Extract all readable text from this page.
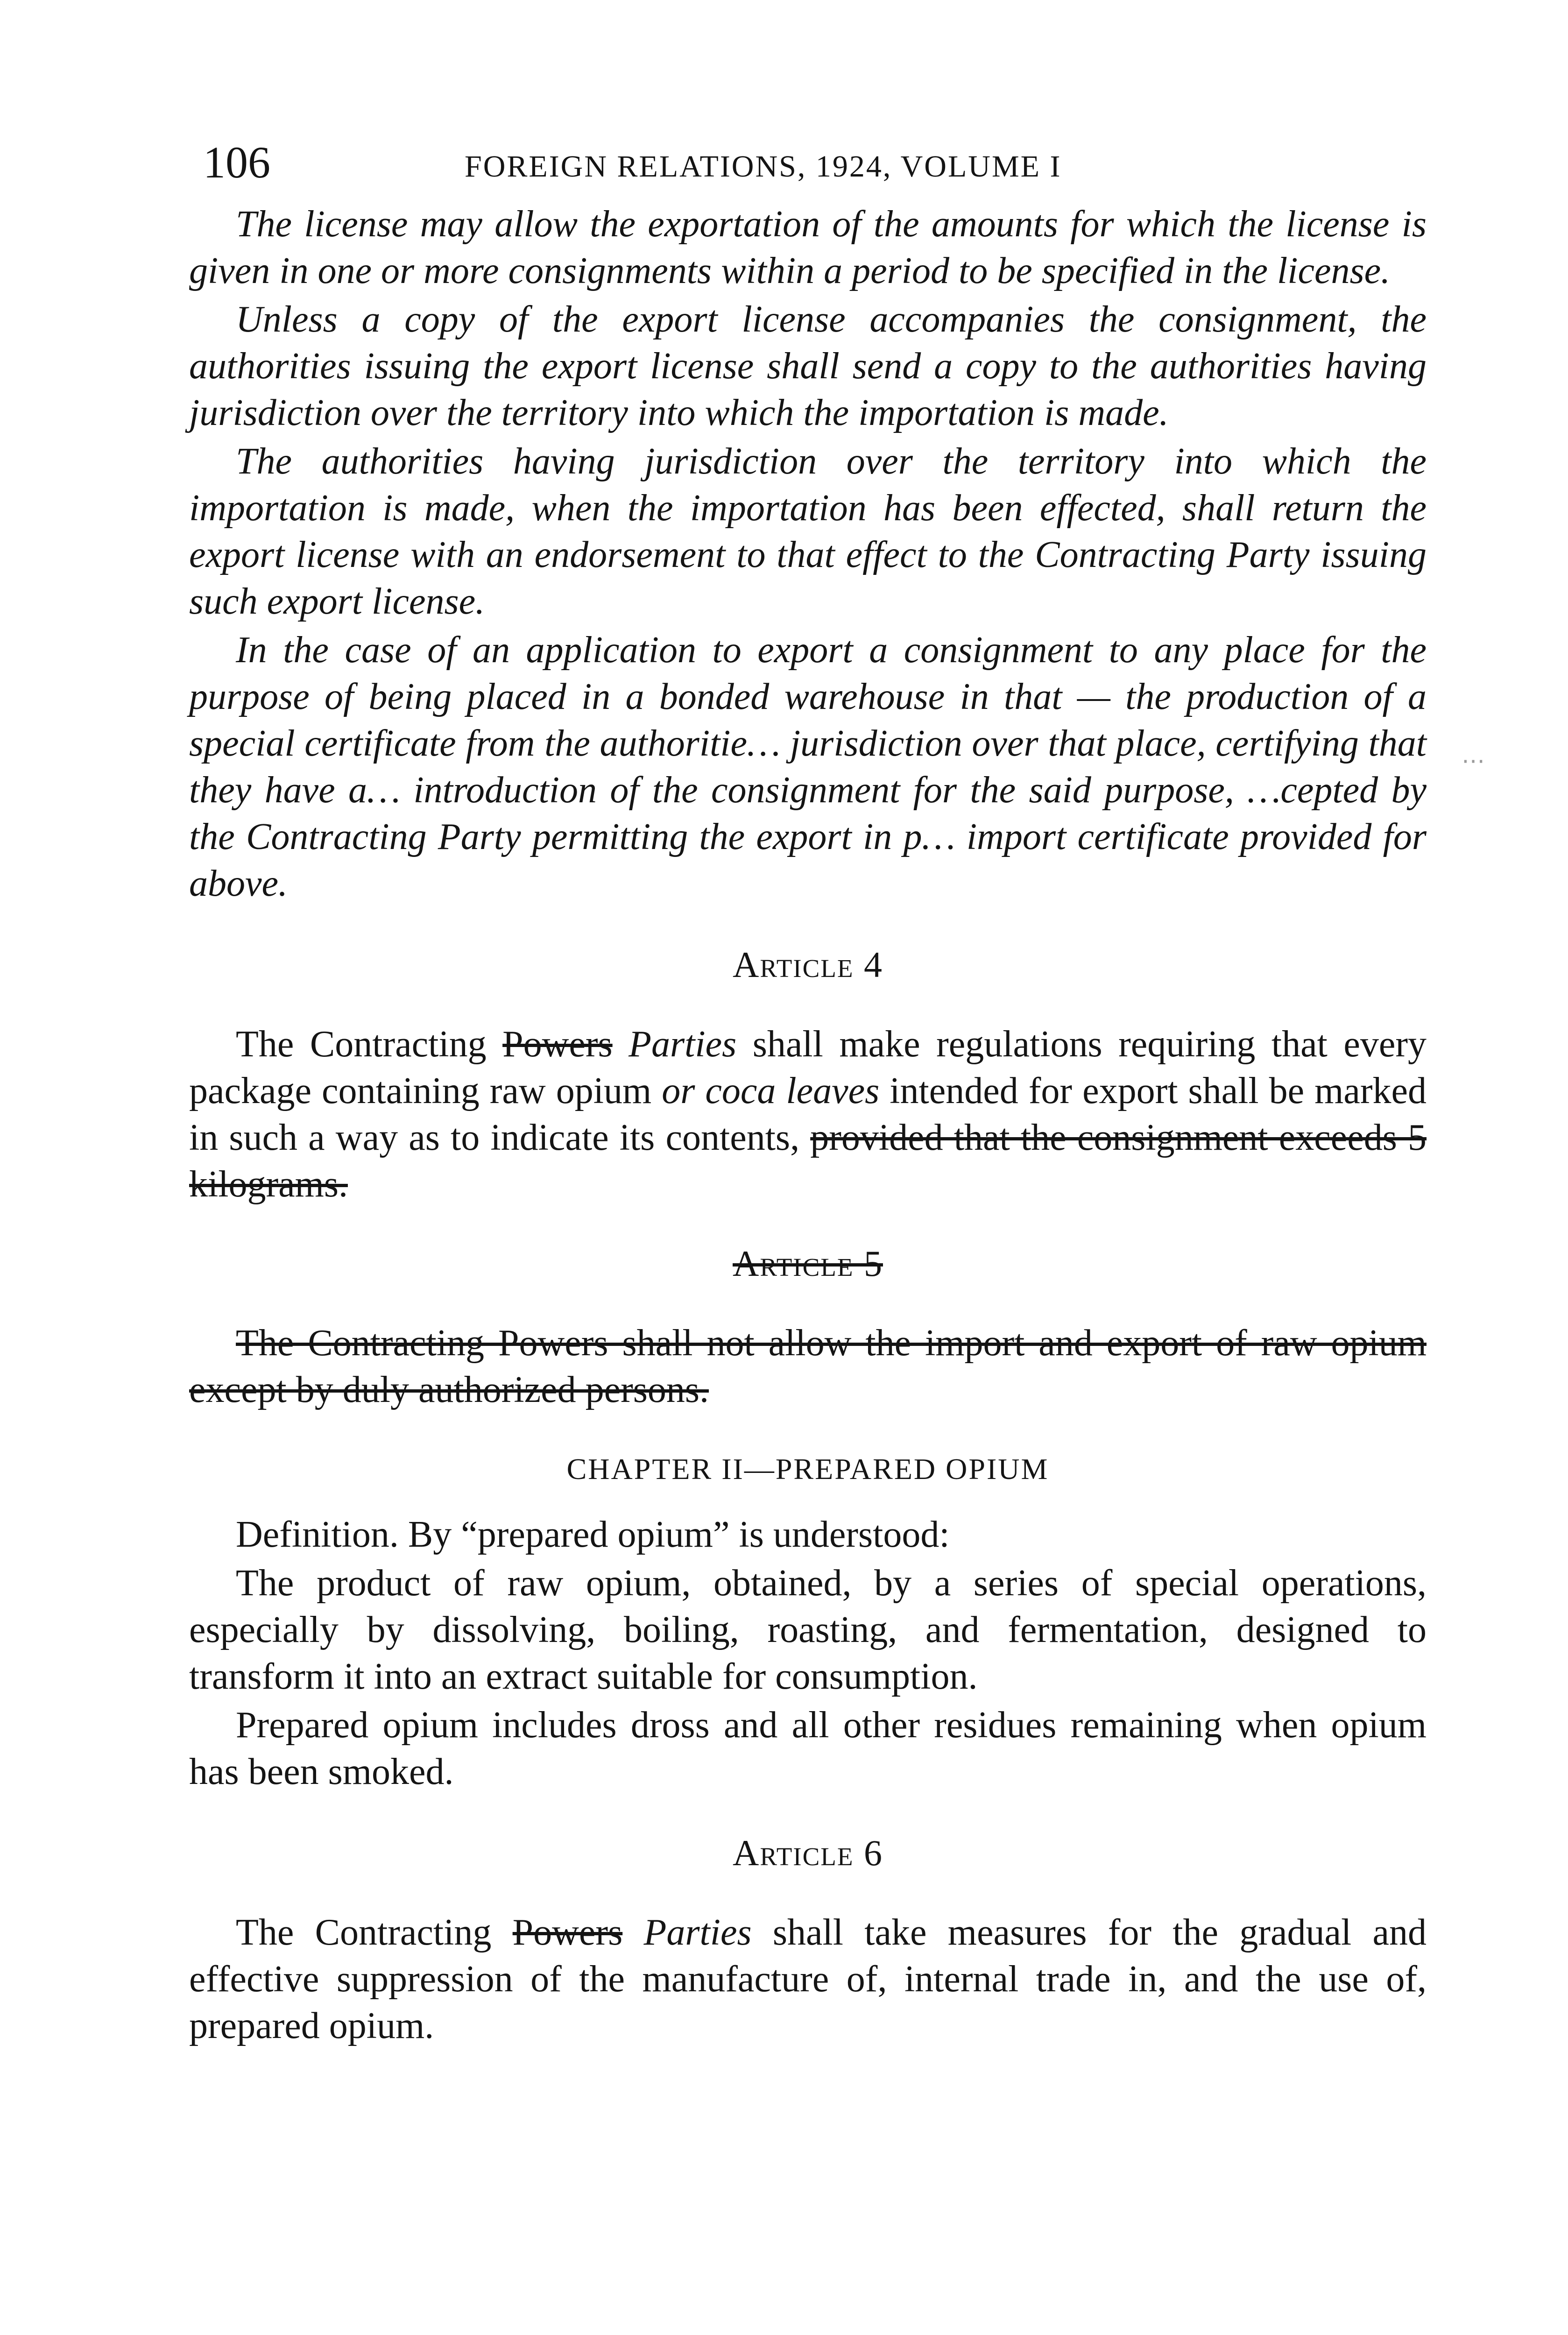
106	FOREIGN RELATIONS, 1924, VOLUME I

The license may allow the exportation of the amounts for which the license is given in one or more consignments within a period to be specified in the license.

Unless a copy of the export license accompanies the consignment, the authorities issuing the export license shall send a copy to the authorities having jurisdiction over the territory into which the importation is made.

The authorities having jurisdiction over the territory into which the importation is made, when the importation has been effected, shall return the export license with an endorsement to that effect to the Contracting Party issuing such export license.

In the case of an application to export a consignment to any place for the purpose of being placed in a bonded warehouse in that — the production of a special certificate from the authoritie… jurisdiction over that place, certifying that they have a… introduction of the consignment for the said purpose, …cepted by the Contracting Party permitting the export in p… import certificate provided for above.

Article 4

The Contracting Powers Parties shall make regulations requiring that every package containing raw opium or coca leaves intended for export shall be marked in such a way as to indicate its contents, provided that the consignment exceeds 5 kilograms.

Article 5

The Contracting Powers shall not allow the import and export of raw opium except by duly authorized persons.

CHAPTER II—PREPARED OPIUM

Definition. By “prepared opium” is understood:

The product of raw opium, obtained, by a series of special operations, especially by dissolving, boiling, roasting, and fermentation, designed to transform it into an extract suitable for consumption.

Prepared opium includes dross and all other residues remaining when opium has been smoked.

Article 6

The Contracting Powers Parties shall take measures for the gradual and effective suppression of the manufacture of, internal trade in, and the use of, prepared opium.

⋯
